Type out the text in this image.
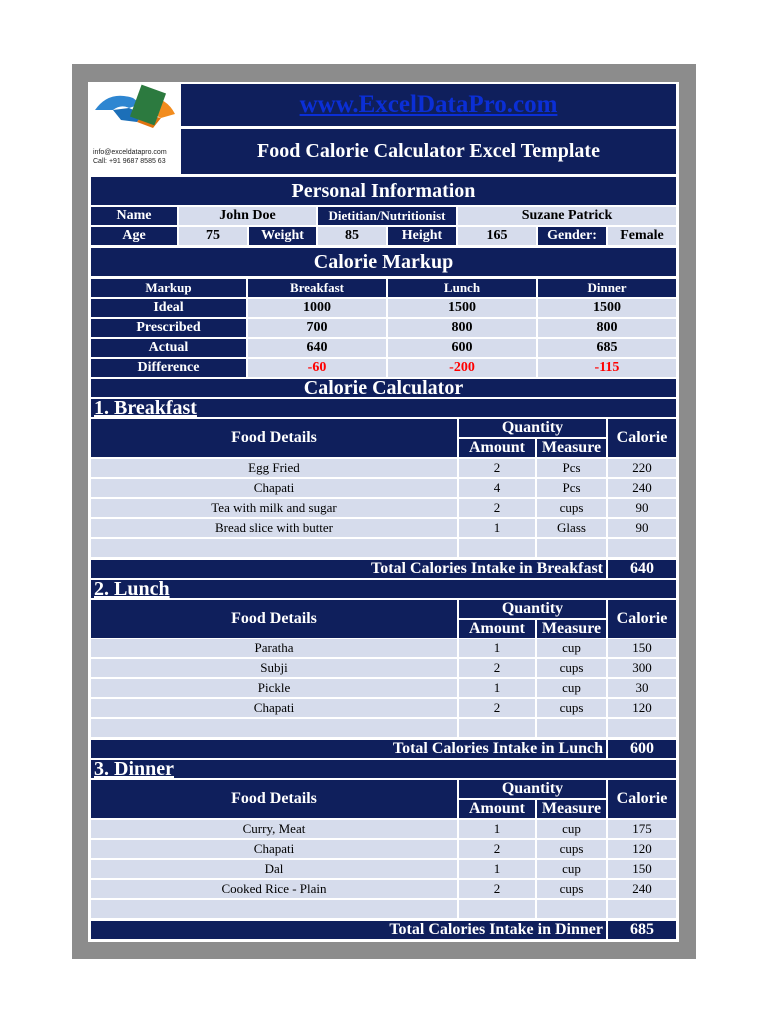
info@exceldatapro.com
Call: +91 9687 8585 63
www.ExcelDataPro.com
Food Calorie Calculator Excel Template
Personal Information
Name	John Doe	Dietitian/Nutritionist	Suzane Patrick
Age	75	Weight	85	Height	165	Gender:	Female
Calorie Markup
Markup	Breakfast	Lunch	Dinner
Ideal	1000	1500	1500
Prescribed	700	800	800
Actual	640	600	685
Difference	-60	-200	-115
Calorie Calculator
1. Breakfast
Food Details
Quantity
Amount	Measure
Calorie
Egg Fried	2	Pcs	220
Chapati	4	Pcs	240
Tea with milk and sugar	2	cups	90
Bread slice with butter	1	Glass	90
Total Calories Intake in Breakfast	640
2. Lunch
Food Details
Quantity
Amount	Measure
Calorie
Paratha	1	cup	150
Subji	2	cups	300
Pickle	1	cup	30
Chapati	2	cups	120
Total Calories Intake in Lunch	600
3. Dinner
Food Details
Quantity
Amount	Measure
Calorie
Curry, Meat	1	cup	175
Chapati	2	cups	120
Dal	1	cup	150
Cooked Rice - Plain	2	cups	240
Total Calories Intake in Dinner	685
